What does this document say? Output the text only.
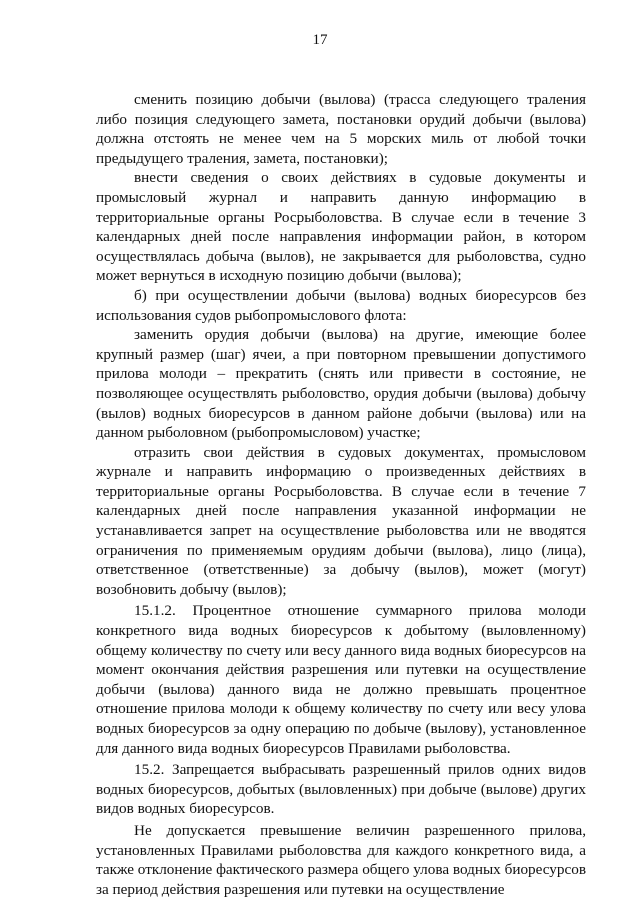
17

сменить позицию добычи (вылова) (трасса следующего траления либо позиция следующего замета, постановки орудий добычи (вылова) должна отстоять не менее чем на 5 морских миль от любой точки предыдущего траления, замета, постановки);

внести сведения о своих действиях в судовые документы и промысловый журнал и направить данную информацию в территориальные органы Росрыболовства. В случае если в течение 3 календарных дней после направления информации район, в котором осуществлялась добыча (вылов), не закрывается для рыболовства, судно может вернуться в исходную позицию добычи (вылова);

б) при осуществлении добычи (вылова) водных биоресурсов без использования судов рыбопромыслового флота:

заменить орудия добычи (вылова) на другие, имеющие более крупный размер (шаг) ячеи, а при повторном превышении допустимого прилова молоди – прекратить (снять или привести в состояние, не позволяющее осуществлять рыболовство, орудия добычи (вылова) добычу (вылов) водных биоресурсов в данном районе добычи (вылова) или на данном рыболовном (рыбопромысловом) участке;

отразить свои действия в судовых документах, промысловом журнале и направить информацию о произведенных действиях в территориальные органы Росрыболовства. В случае если в течение 7 календарных дней после направления указанной информации не устанавливается запрет на осуществление рыболовства или не вводятся ограничения по применяемым орудиям добычи (вылова), лицо (лица), ответственное (ответственные) за добычу (вылов), может (могут) возобновить добычу (вылов);

15.1.2. Процентное отношение суммарного прилова молоди конкретного вида водных биоресурсов к добытому (выловленному) общему количеству по счету или весу данного вида водных биоресурсов на момент окончания действия разрешения или путевки на осуществление добычи (вылова) данного вида не должно превышать процентное отношение прилова молоди к общему количеству по счету или весу улова водных биоресурсов за одну операцию по добыче (вылову), установленное для данного вида водных биоресурсов Правилами рыболовства.

15.2. Запрещается выбрасывать разрешенный прилов одних видов водных биоресурсов, добытых (выловленных) при добыче (вылове) других видов водных биоресурсов.

Не допускается превышение величин разрешенного прилова, установленных Правилами рыболовства для каждого конкретного вида, а также отклонение фактического размера общего улова водных биоресурсов за период действия разрешения или путевки на осуществление
